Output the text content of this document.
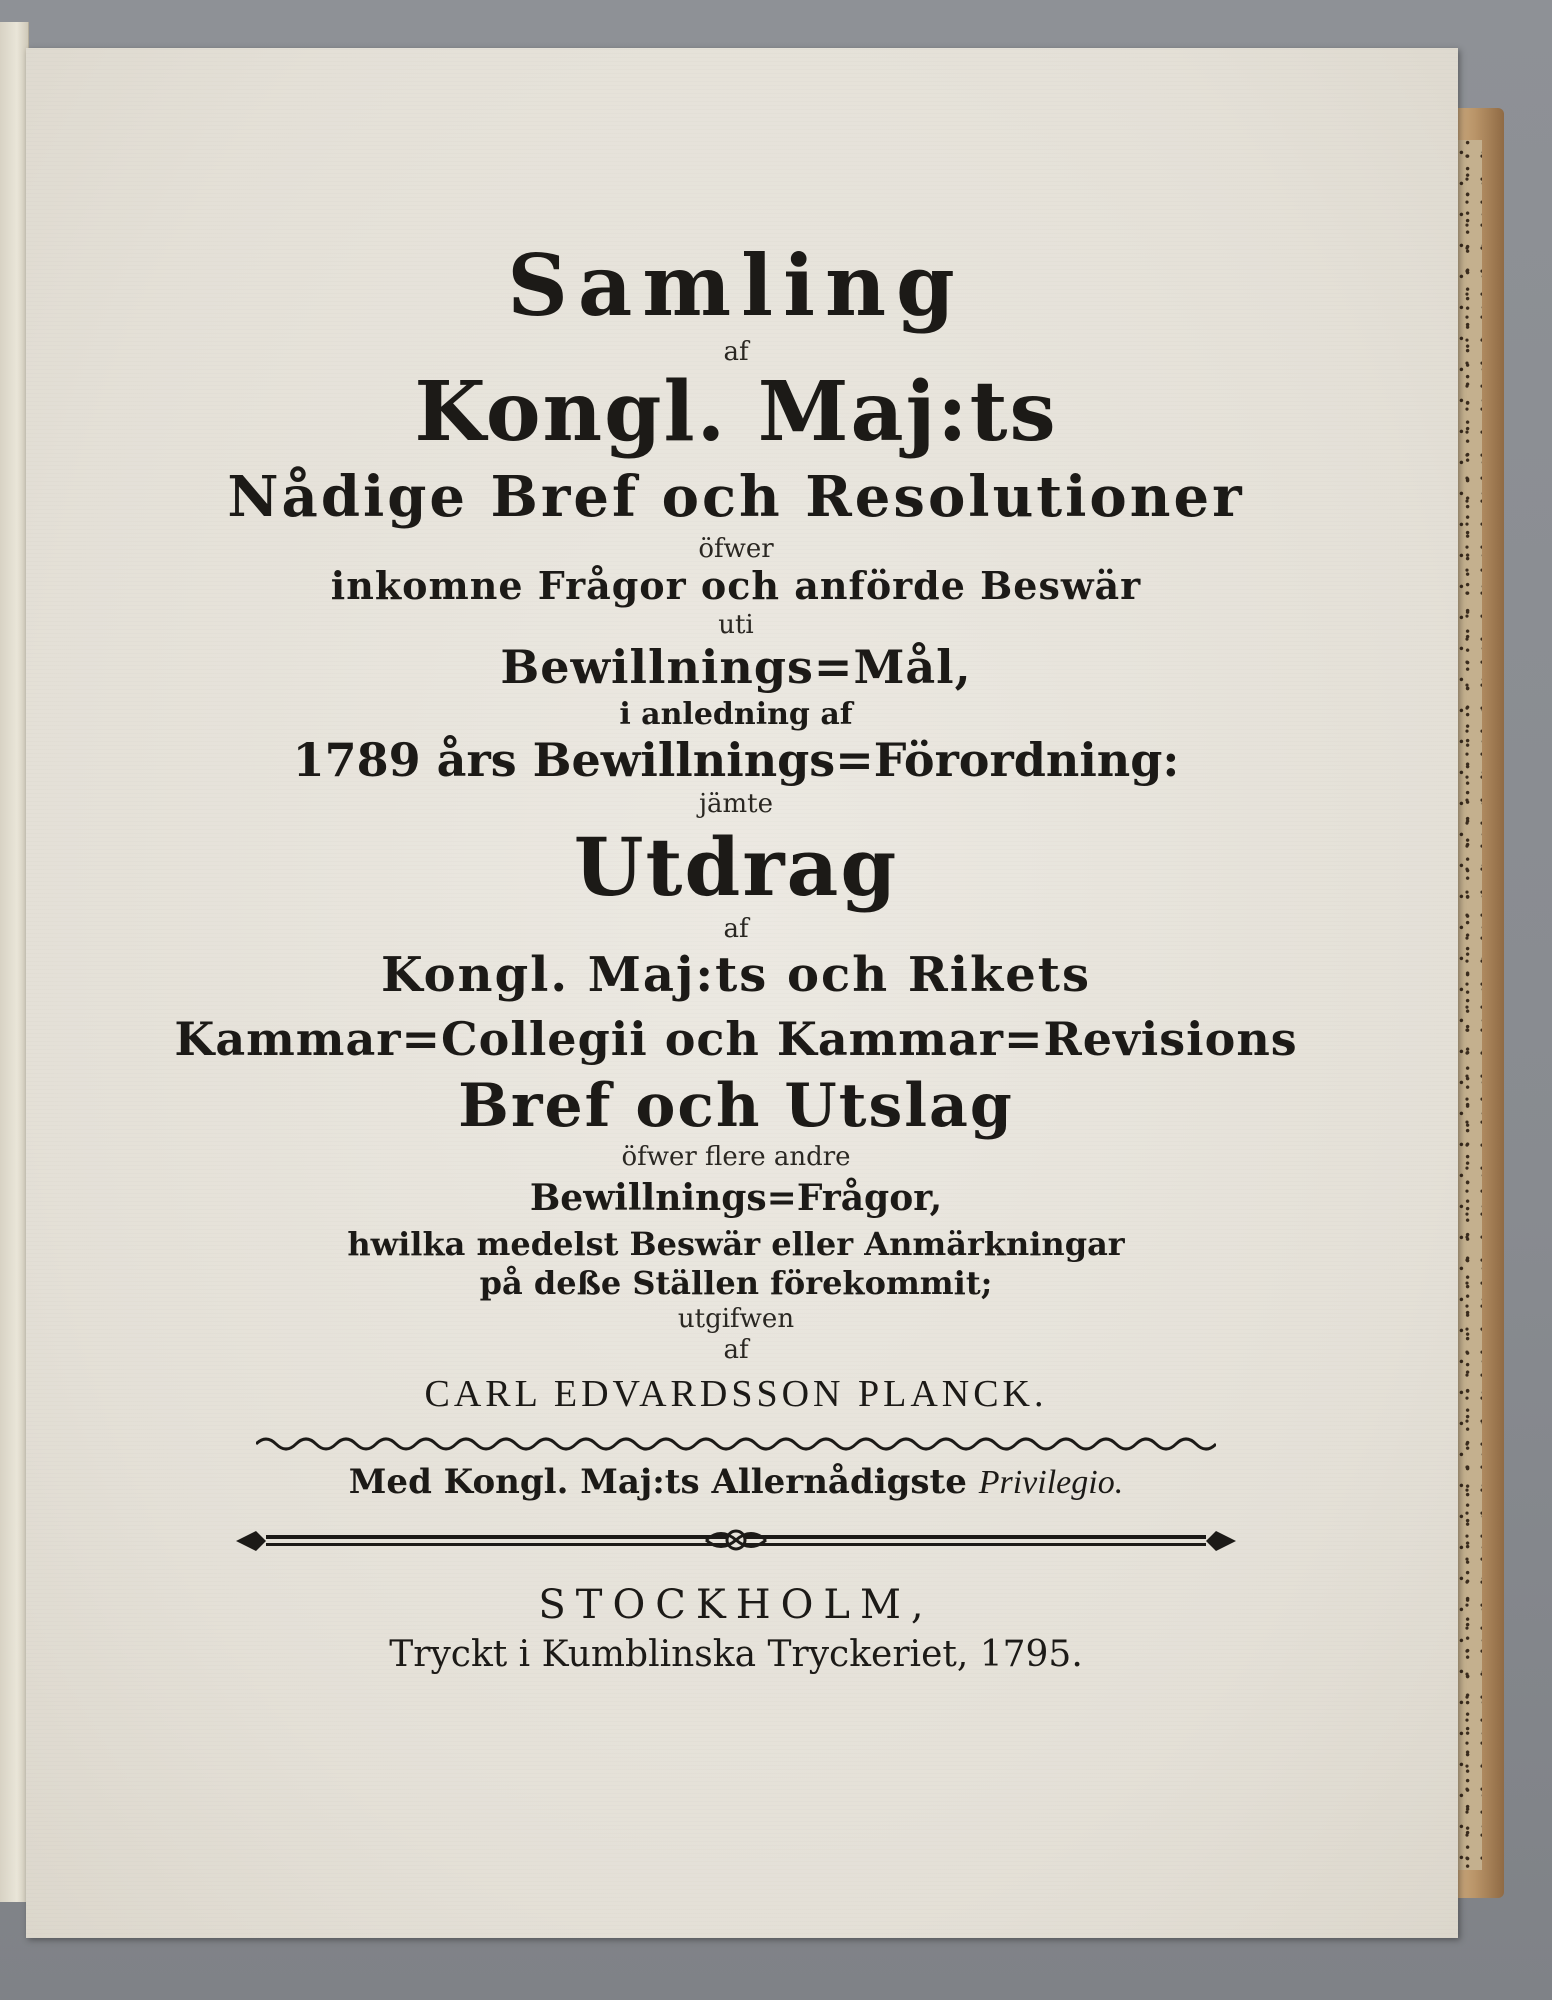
Samling
af
Kongl. Maj:ts
Nådige Bref och Resolutioner
öfwer
inkomne Frågor och anförde Beswär
uti
Bewillnings=Mål,
i anledning af
1789 års Bewillnings=Förordning:
jämte
Utdrag
af
Kongl. Maj:ts och Rikets
Kammar=Collegii och Kammar=Revisions
Bref och Utslag
öfwer flere andre
Bewillnings=Frågor,
hwilka medelst Beswär eller Anmärkningar
på deße Ställen förekommit;
utgifwen
af
CARL EDVARDSSON PLANCK.
Med Kongl. Maj:ts Allernådigste Privilegio.
STOCKHOLM,
Tryckt i Kumblinska Tryckeriet, 1795.
